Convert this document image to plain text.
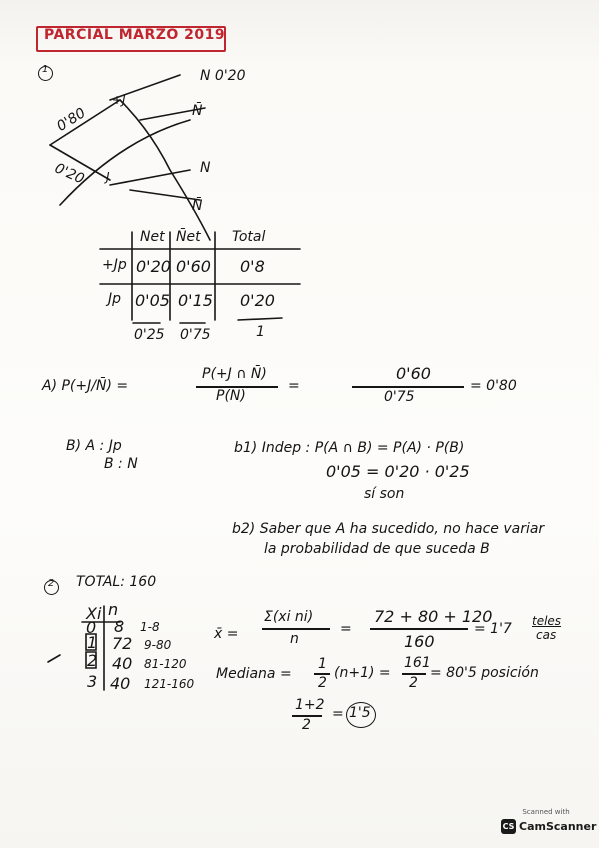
PARCIAL MARZO 2019
1
0'80
+J
0'20 J
N 0'20
N̄
N
N̄
Net N̄et Total
+Jp 0'20 0'60 0'8
Jp 0'05 0'15 0'20
0'25 0'75	1
A) P(+J/N̄) =
P(+J ∩ N̄)
P(N̄)
=
0'60
0'75
= 0'80
B) A : Jp
B : N
b1) Indep : P(A ∩ B) = P(A) · P(B)
0'05 = 0'20 · 0'25
sí son
b2) Saber que A ha sucedido, no hace variar
la probabilidad de que suceda B
2 TOTAL: 160
Xi n
0 8 1-8
1 72 9-80
2 40 81-120
3 40 121-160
x̄ =
Σ(xi ni)
n
=
72 + 80 + 120
160
= 1'7 teles
cas
Mediana =
1
2
(n+1) =
161
2
= 80'5 posición
1+2
2
= 1'5
Scanned with
CS CamScanner
